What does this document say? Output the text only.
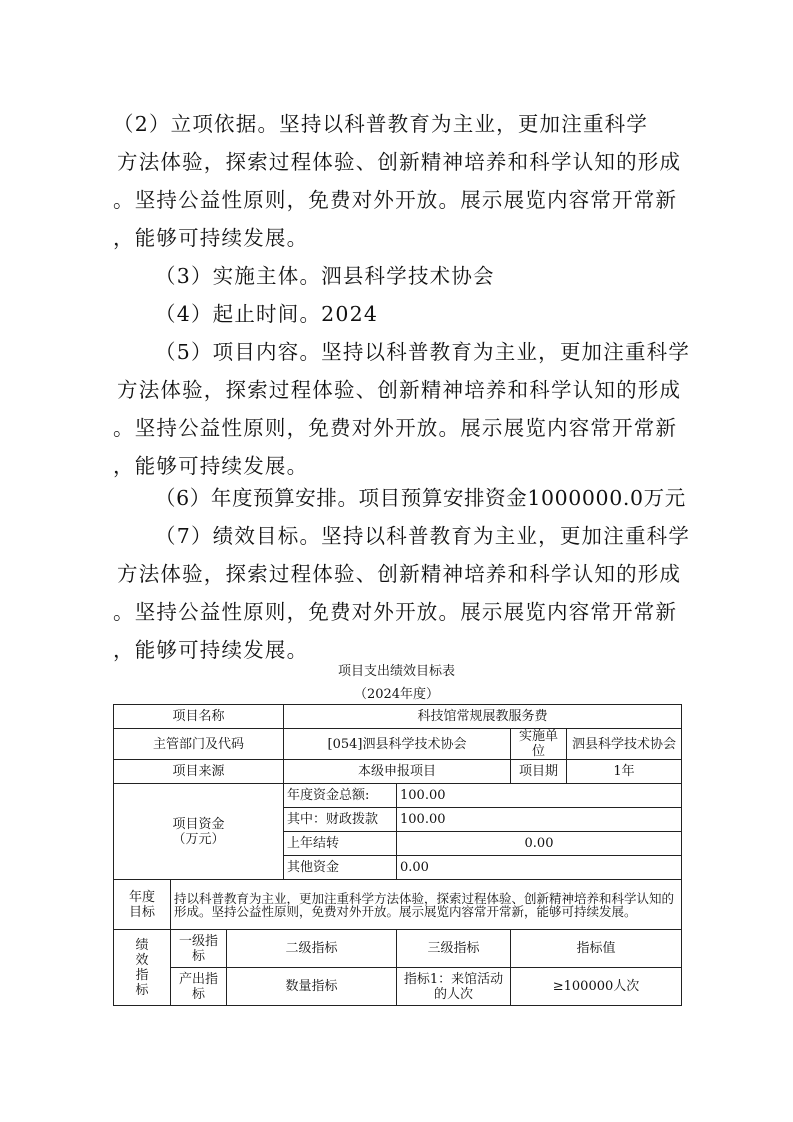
（2）立项依据。坚持以科普教育为主业，更加注重科学

方法体验，探索过程体验、创新精神培养和科学认知的形成

。坚持公益性原则，免费对外开放。展示展览内容常开常新

，能够可持续发展。

（3）实施主体。泗县科学技术协会

（4）起止时间。2024

（5）项目内容。坚持以科普教育为主业，更加注重科学

方法体验，探索过程体验、创新精神培养和科学认知的形成

。坚持公益性原则，免费对外开放。展示展览内容常开常新

，能够可持续发展。

（6）年度预算安排。项目预算安排资金1000000.0万元

（7）绩效目标。坚持以科普教育为主业，更加注重科学

方法体验，探索过程体验、创新精神培养和科学认知的形成

。坚持公益性原则，免费对外开放。展示展览内容常开常新

，能够可持续发展。

项目支出绩效目标表
（2024年度）
项目名称			科技馆常规展教服务费			
主管部门及代码			[054]泗县科学技术协会		实施单位	泗县科学技术协会
项目来源			本级申报项目		项目期	1年

项目资金
（万元）			年度资金总额:	100.00		
			其中：财政拨款	100.00		
			上年结转	0.00		
			其他资金	0.00		

年度
目标	持以科普教育为主业，更加注重科学方法体验，探索过程体验、创新精神培养和科学认知的形成。坚持公益性原则，免费对外开放。展示展览内容常开常新，能够可持续发展。					

绩
效
指
标	一级指标	二级指标		三级指标	指标值	
	产出指标	数量指标		指标1：来馆活动的人次	≥100000人次	
